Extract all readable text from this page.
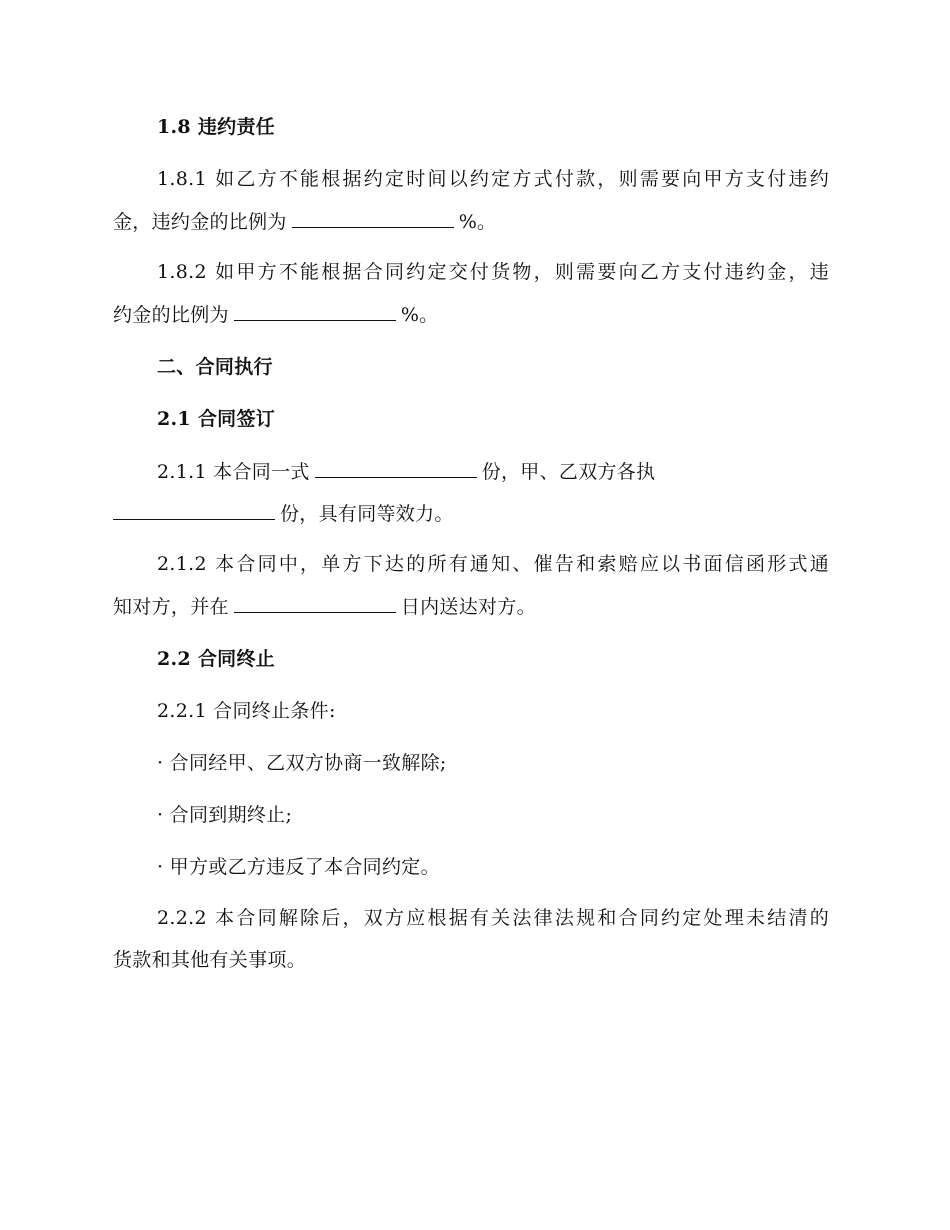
1.8 违约责任
1.8.1 如乙方不能根据约定时间以约定方式付款，则需要向甲方支付违约
金，违约金的比例为	%。
1.8.2 如甲方不能根据合同约定交付货物，则需要向乙方支付违约金，违
约金的比例为	%。
二、合同执行
2.1 合同签订
2.1.1 本合同一式	份，甲、乙双方各执
份，具有同等效力。
2.1.2 本合同中，单方下达的所有通知、催告和索赔应以书面信函形式通
知对方，并在	日内送达对方。
2.2 合同终止
2.2.1 合同终止条件:
· 合同经甲、乙双方协商一致解除;
· 合同到期终止;
· 甲方或乙方违反了本合同约定。
2.2.2 本合同解除后，双方应根据有关法律法规和合同约定处理未结清的
货款和其他有关事项。
